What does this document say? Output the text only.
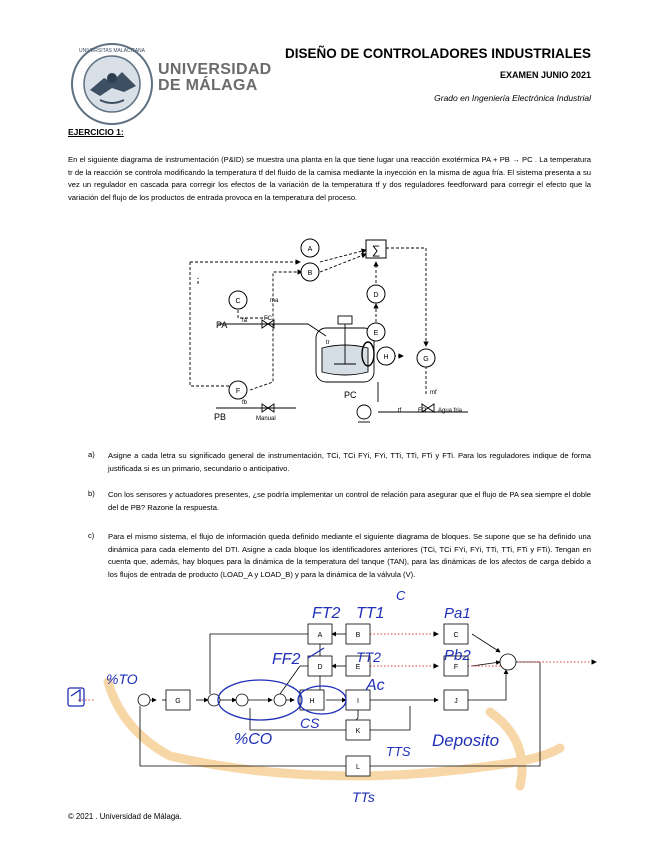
UNIVERSITAS MALACITANA
UNIVERSIDAD
DE MÁLAGA
DISEÑO DE CONTROLADORES INDUSTRIALES
EXAMEN JUNIO 2021
Grado en Ingeniería Electrónica Industrial
EJERCICIO 1:
En el siguiente diagrama de instrumentación (P&ID) se muestra una planta en la que tiene lugar una reacción exotérmica PA + PB → PC . La temperatura tr de la reacción se controla modificando la temperatura tf del fluido de la camisa mediante la inyección en la misma de agua fría. El sistema presenta a su vez un regulador en cascada para corregir los efectos de la variación de la temperatura tf y dos reguladores feedforward para corregir el efecto que la variación del flujo de los productos de entrada provoca en la temperatura del proceso.
A
B
C
D
E
F
G
H
∑
PA
PB
PC
fa
fb
ma
FC
Manual
tr
tf
mf
FO Agua fria
a) Asigne a cada letra su significado general de instrumentación, TCi, TCi FYi, FYi, TTi, TTi, FTi y FTi. Para los reguladores indique de forma justificada si es un primario, secundario o anticipativo.
b) Con los sensores y actuadores presentes, ¿se podría implementar un control de relación para asegurar que el flujo de PA sea siempre el doble del de PB? Razone la respuesta.
c) Para el mismo sistema, el flujo de información queda definido mediante el siguiente diagrama de bloques. Se supone que se ha definido una dinámica para cada elemento del DTI. Asigne a cada bloque los identificadores anteriores (TCi, TCi FYi, FYi, TTi, TTi, FTi y FTi). Tengan en cuenta que, además, hay bloques para la dinámica de la temperatura del tanque (TAN), para las dinámicas de los afectos de carga debido a los flujos de entrada de producto (LOAD_A y LOAD_B) y para la dinámica de la válvula (V).
A	B	C
D	E	F
G	H	I	J
K
L
FT2 TT1	Pa1
FF2	TT2	Pb2
Ac
%TO
%CO
CS
TTS
Deposito
TTs
C
© 2021 . Universidad de Málaga.
